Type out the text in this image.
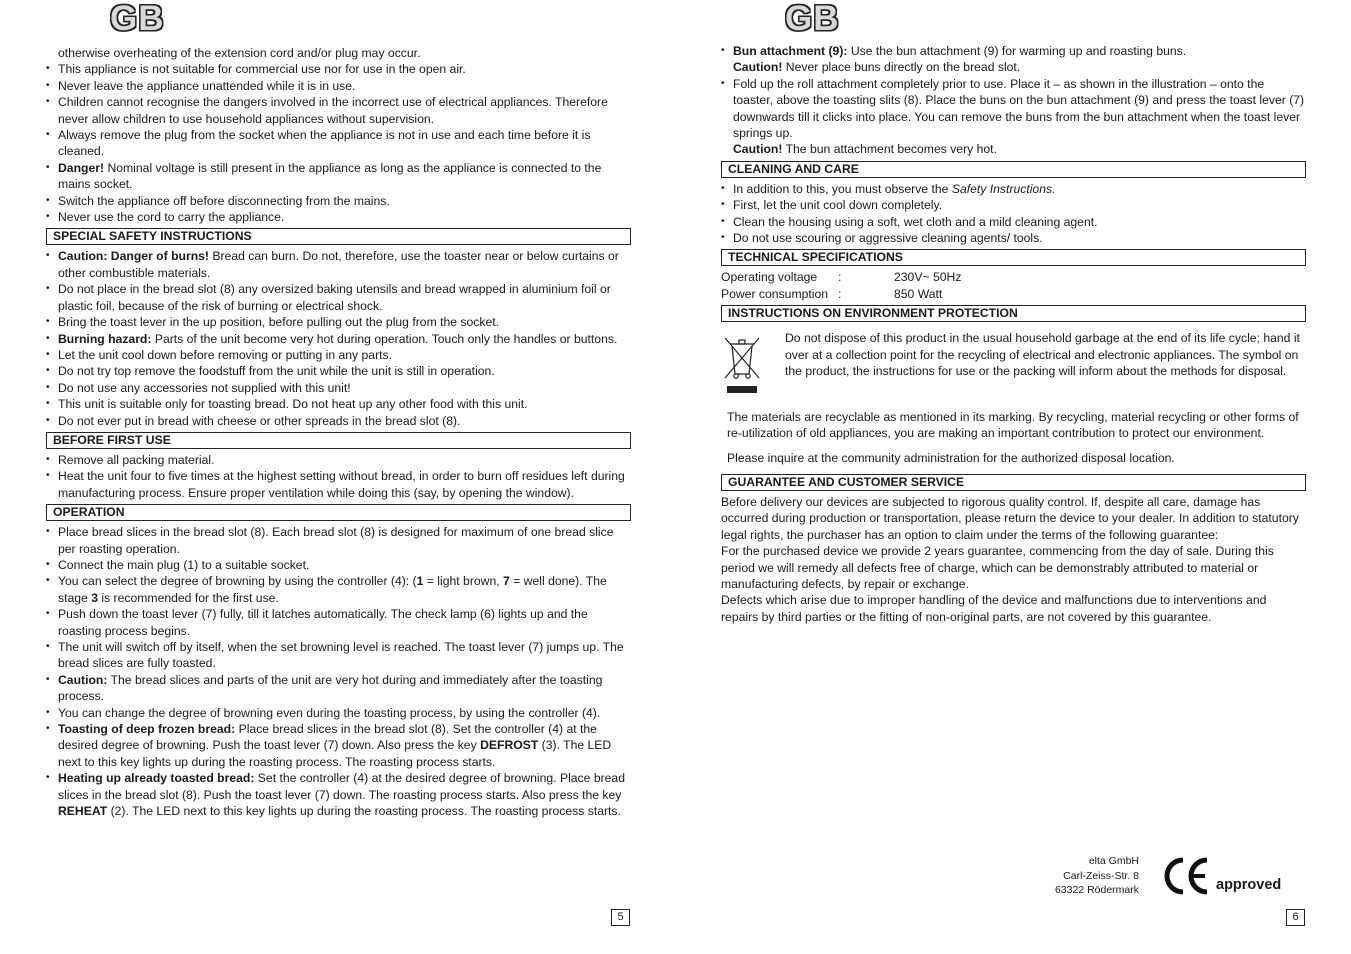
GB
otherwise overheating of the extension cord and/or plug may occur.
• This appliance is not suitable for commercial use nor for use in the open air.
• Never leave the appliance unattended while it is in use.
• Children cannot recognise the dangers involved in the incorrect use of electrical appliances. Therefore never allow children to use household appliances without supervision.
• Always remove the plug from the socket when the appliance is not in use and each time before it is cleaned.
• Danger! Nominal voltage is still present in the appliance as long as the appliance is connected to the mains socket.
• Switch the appliance off before disconnecting from the mains.
• Never use the cord to carry the appliance.
SPECIAL SAFETY INSTRUCTIONS
• Caution: Danger of burns! Bread can burn. Do not, therefore, use the toaster near or below curtains or other combustible materials.
• Do not place in the bread slot (8) any oversized baking utensils and bread wrapped in aluminium foil or plastic foil, because of the risk of burning or electrical shock.
• Bring the toast lever in the up position, before pulling out the plug from the socket.
• Burning hazard: Parts of the unit become very hot during operation. Touch only the handles or buttons.
• Let the unit cool down before removing or putting in any parts.
• Do not try top remove the foodstuff from the unit while the unit is still in operation.
• Do not use any accessories not supplied with this unit!
• This unit is suitable only for toasting bread. Do not heat up any other food with this unit.
• Do not ever put in bread with cheese or other spreads in the bread slot (8).
BEFORE FIRST USE
• Remove all packing material.
• Heat the unit four to five times at the highest setting without bread, in order to burn off residues left during manufacturing process. Ensure proper ventilation while doing this (say, by opening the window).
OPERATION
• Place bread slices in the bread slot (8). Each bread slot (8) is designed for maximum of one bread slice per roasting operation.
• Connect the main plug (1) to a suitable socket.
• You can select the degree of browning by using the controller (4): (1 = light brown, 7 = well done). The stage 3 is recommended for the first use.
• Push down the toast lever (7) fully, till it latches automatically. The check lamp (6) lights up and the roasting process begins.
• The unit will switch off by itself, when the set browning level is reached. The toast lever (7) jumps up. The bread slices are fully toasted.
• Caution: The bread slices and parts of the unit are very hot during and immediately after the toasting process.
• You can change the degree of browning even during the toasting process, by using the controller (4).
• Toasting of deep frozen bread: Place bread slices in the bread slot (8). Set the controller (4) at the desired degree of browning. Push the toast lever (7) down. Also press the key DEFROST (3). The LED next to this key lights up during the roasting process. The roasting process starts.
• Heating up already toasted bread: Set the controller (4) at the desired degree of browning. Place bread slices in the bread slot (8). Push the toast lever (7) down. The roasting process starts. Also press the key REHEAT (2). The LED next to this key lights up during the roasting process. The roasting process starts.
5
GB
• Bun attachment (9): Use the bun attachment (9) for warming up and roasting buns.
Caution! Never place buns directly on the bread slot.
• Fold up the roll attachment completely prior to use. Place it – as shown in the illustration – onto the toaster, above the toasting slits (8). Place the buns on the bun attachment (9) and press the toast lever (7) downwards till it clicks into place. You can remove the buns from the bun attachment when the toast lever springs up.
Caution! The bun attachment becomes very hot.
CLEANING AND CARE
• In addition to this, you must observe the Safety Instructions.
• First, let the unit cool down completely.
• Clean the housing using a soft, wet cloth and a mild cleaning agent.
• Do not use scouring or aggressive cleaning agents/ tools.
TECHNICAL SPECIFICATIONS
Operating voltage	:	230V~ 50Hz
Power consumption :	850 Watt
INSTRUCTIONS ON ENVIRONMENT PROTECTION
Do not dispose of this product in the usual household garbage at the end of its life cycle; hand it over at a collection point for the recycling of electrical and electronic appliances. The symbol on the product, the instructions for use or the packing will inform about the methods for disposal.
The materials are recyclable as mentioned in its marking. By recycling, material recycling or other forms of re-utilization of old appliances, you are making an important contribution to protect our environment.
Please inquire at the community administration for the authorized disposal location.
GUARANTEE AND CUSTOMER SERVICE

Before delivery our devices are subjected to rigorous quality control. If, despite all care, damage has occurred during production or transportation, please return the device to your dealer. In addition to statutory legal rights, the purchaser has an option to claim under the terms of the following guarantee:

For the purchased device we provide 2 years guarantee, commencing from the day of sale. During this period we will remedy all defects free of charge, which can be demonstrably attributed to material or manufacturing defects, by repair or exchange.

Defects which arise due to improper handling of the device and malfunctions due to interventions and repairs by third parties or the fitting of non-original parts, are not covered by this guarantee.

elta GmbH
Carl-Zeiss-Str. 8
63322 Rödermark	approved
6
